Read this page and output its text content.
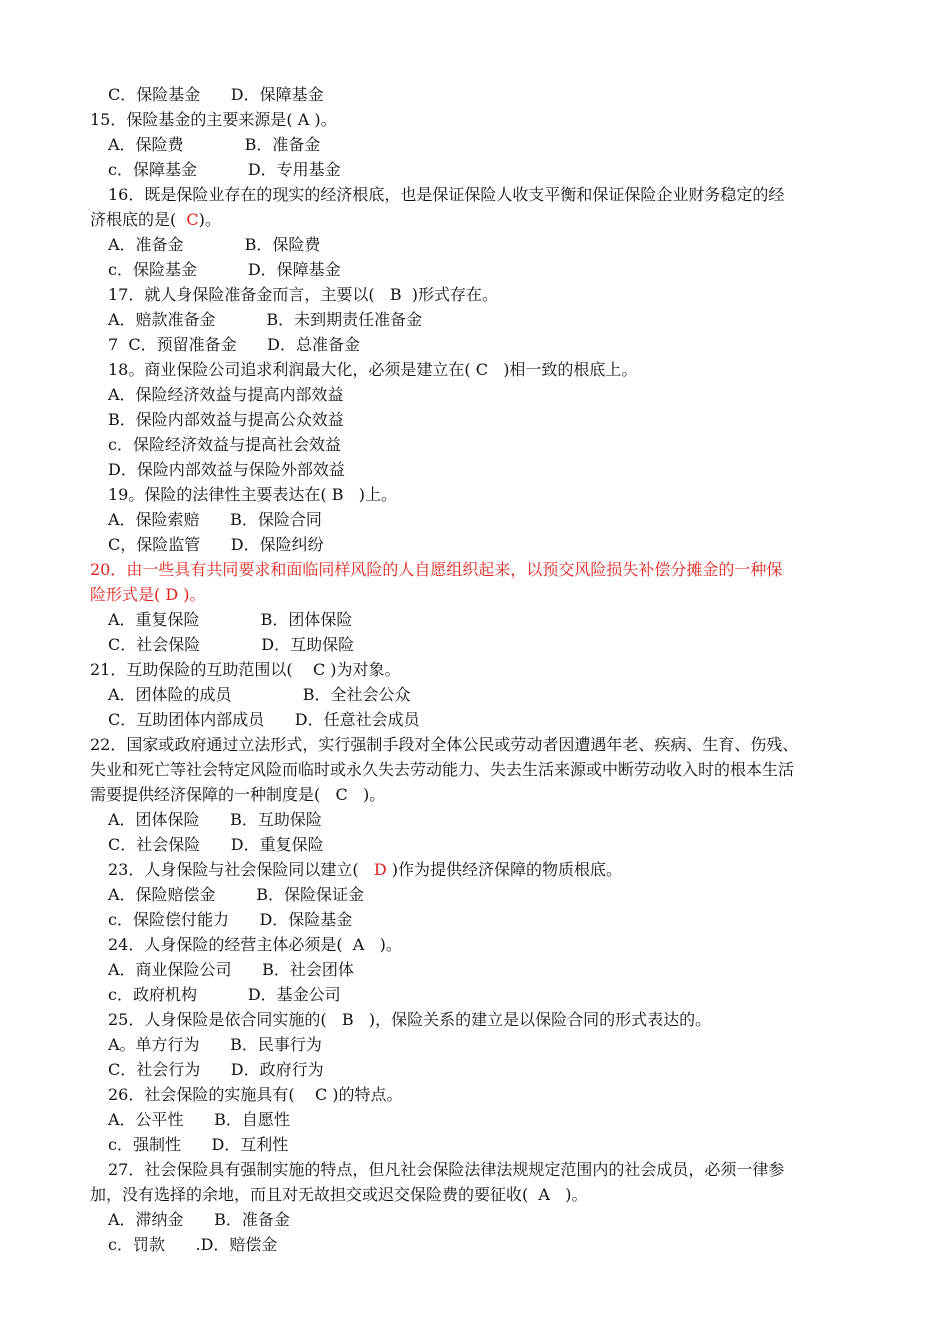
C．保险基金      D．保障基金
15．保险基金的主要来源是( A )。
A．保险费            B．准备金
c．保障基金          D．专用基金
16．既是保险业存在的现实的经济根底，也是保证保险人收支平衡和保证保险企业财务稳定的经
济根底的是(  C)。
A．准备金            B．保险费
c．保险基金          D．保障基金
17．就人身保险准备金而言，主要以(   B  )形式存在。
A．赔款准备金          B．未到期责任准备金
7  C．预留准备金      D．总准备金
18。商业保险公司追求利润最大化，必须是建立在( C   )相一致的根底上。
A．保险经济效益与提高内部效益
B．保险内部效益与提高公众效益
c．保险经济效益与提高社会效益
D．保险内部效益与保险外部效益
19。保险的法律性主要表达在( B   )上。
A．保险索赔      B．保险合同
C，保险监管      D．保险纠纷
20．由一些具有共同要求和面临同样风险的人自愿组织起来，以预交风险损失补偿分摊金的一种保
险形式是( D )。
A．重复保险            B．团体保险
C．社会保险            D．互助保险
21．互助保险的互助范围以(    C )为对象。
A．团体险的成员              B．全社会公众
C．互助团体内部成员      D．任意社会成员
22．国家或政府通过立法形式，实行强制手段对全体公民或劳动者因遭遇年老、疾病、生育、伤残、
失业和死亡等社会特定风险而临时或永久失去劳动能力、失去生活来源或中断劳动收入时的根本生活
需要提供经济保障的一种制度是(   C   )。
A．团体保险      B．互助保险
C．社会保险      D．重复保险
23．人身保险与社会保险同以建立(   D )作为提供经济保障的物质根底。
A．保险赔偿金        B．保险保证金
c．保险偿付能力      D．保险基金
24．人身保险的经营主体必须是(  A   )。
A．商业保险公司      B．社会团体
c．政府机构          D．基金公司
25．人身保险是依合同实施的(   B   )，保险关系的建立是以保险合同的形式表达的。
A。单方行为      B．民事行为
C．社会行为      D．政府行为
26．社会保险的实施具有(    C )的特点。
A．公平性      B．自愿性
c．强制性      D．互利性
27．社会保险具有强制实施的特点，但凡社会保险法律法规规定范围内的社会成员，必须一律参
加，没有选择的余地，而且对无故担交或迟交保险费的要征收(  A   )。
A．滞纳金      B．准备金
c．罚款      .D．赔偿金
